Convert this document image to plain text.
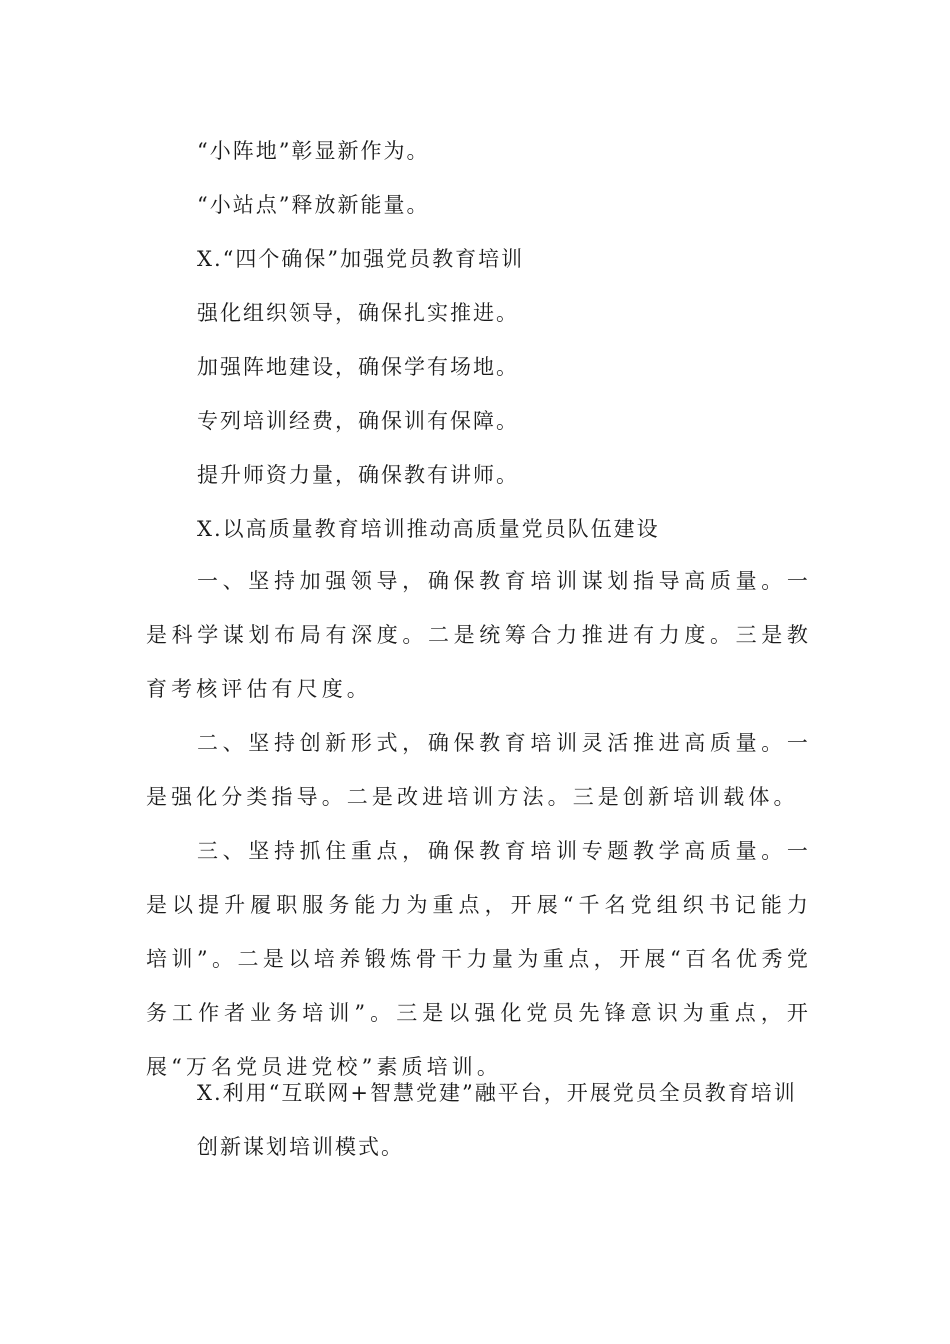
“小阵地”彰显新作为。
“小站点”释放新能量。
X.“四个确保”加强党员教育培训
强化组织领导，确保扎实推进。
加强阵地建设，确保学有场地。
专列培训经费，确保训有保障。
提升师资力量，确保教有讲师。
X.以高质量教育培训推动高质量党员队伍建设
一、坚持加强领导，确保教育培训谋划指导高质量。一是科学谋划布局有深度。二是统筹合力推进有力度。三是教育考核评估有尺度。
二、坚持创新形式，确保教育培训灵活推进高质量。一是强化分类指导。二是改进培训方法。三是创新培训载体。
三、坚持抓住重点，确保教育培训专题教学高质量。一是以提升履职服务能力为重点，开展“千名党组织书记能力培训”。二是以培养锻炼骨干力量为重点，开展“百名优秀党务工作者业务培训”。三是以强化党员先锋意识为重点，开展“万名党员进党校”素质培训。
X.利用“互联网+智慧党建”融平台，开展党员全员教育培训
创新谋划培训模式。
